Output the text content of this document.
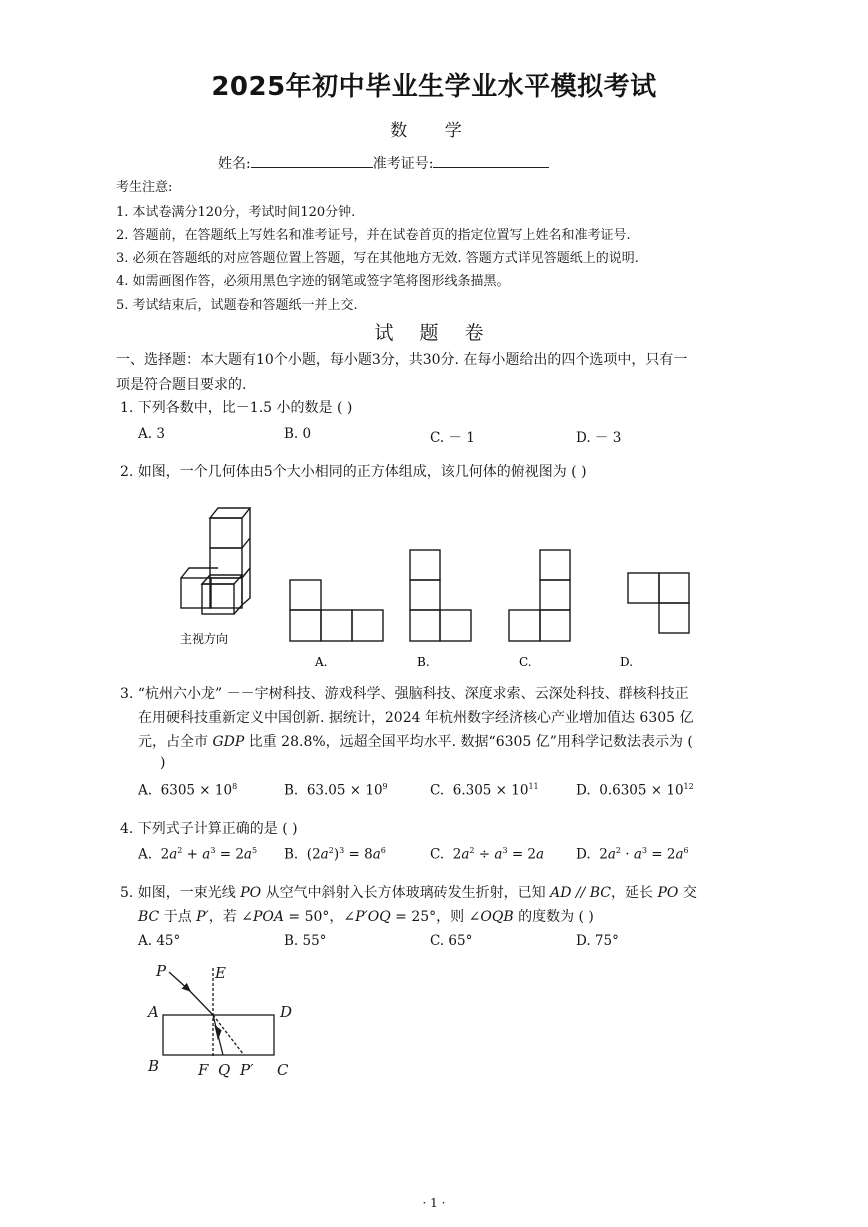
2025年初中毕业生学业水平模拟考试
数 学
姓名:	准考证号:
考生注意:
1. 本试卷满分120分，考试时间120分钟.
2. 答题前，在答题纸上写姓名和准考证号，并在试卷首页的指定位置写上姓名和准考证号.
3. 必须在答题纸的对应答题位置上答题，写在其他地方无效. 答题方式详见答题纸上的说明.
4. 如需画图作答，必须用黑色字迹的钢笔或签字笔将图形线条描黑。
5. 考试结束后，试题卷和答题纸一并上交.
试 题 卷
一、选择题：本大题有10个小题，每小题3分，共30分. 在每小题给出的四个选项中，只有一
项是符合题目要求的.
1. 下列各数中，比－1.5 小的数是 ( )
A. 3	B. 0	C. － 1	D. － 3
2. 如图，一个几何体由5个大小相同的正方体组成，该几何体的俯视图为 ( )
主视方向
A.	B.	C.	D.
3. “杭州六小龙” －－宇树科技、游戏科学、强脑科技、深度求索、云深处科技、群核科技正
在用硬科技重新定义中国创新. 据统计，2024 年杭州数字经济核心产业增加值达 6305 亿
元，占全市 GDP 比重 28.8%，远超全国平均水平. 数据“6305 亿”用科学记数法表示为 (
)
A. $6305 \times 10^8$	B. $63.05 \times 10^9$	C. $6.305 \times 10^{11}$	D. $0.6305 \times 10^{12}$
4. 下列式子计算正确的是 ( )
A.  $2a^2 + a^3 = 2a^5$ B.  $(2a^2)^3 = 8a^6$	C.  $2a^2 \div a^3 = 2a$ D.  $2a^2 \cdot a^3 = 2a^6$
5. 如图，一束光线 PO 从空气中斜射入长方体玻璃砖发生折射，已知 AD // BC，延长 PO 交
BC 于点 P′，若 ∠POA = 50°，∠P′OQ = 25°，则 ∠OQB 的度数为 ( )
A. 45°	B. 55°	C. 65°	D. 75°
P	E
A	D
B	F Q P′ C
· 1 ·
